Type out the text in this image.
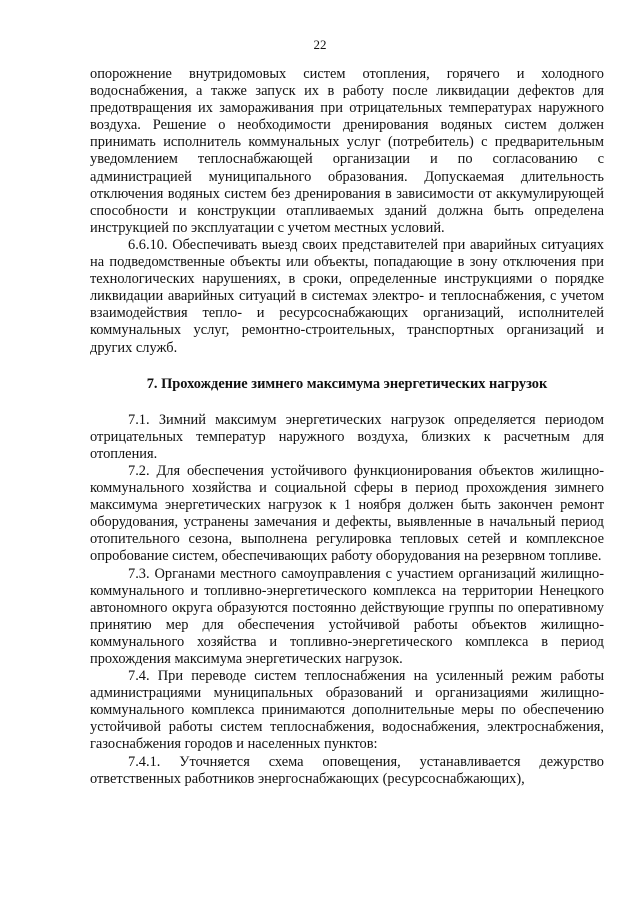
22

опорожнение внутридомовых систем отопления, горячего и холодного водоснабжения, а также запуск их в работу после ликвидации дефектов для предотвращения их замораживания при отрицательных температурах наружного воздуха. Решение о необходимости дренирования водяных систем должен принимать исполнитель коммунальных услуг (потребитель) с предварительным уведомлением теплоснабжающей организации и по согласованию с администрацией муниципального образования. Допускаемая длительность отключения водяных систем без дренирования в зависимости от аккумулирующей способности и конструкции отапливаемых зданий должна быть определена инструкцией по эксплуатации с учетом местных условий.

6.6.10. Обеспечивать выезд своих представителей при аварийных ситуациях на подведомственные объекты или объекты, попадающие в зону отключения при технологических нарушениях, в сроки, определенные инструкциями о порядке ликвидации аварийных ситуаций в системах электро- и теплоснабжения, с учетом взаимодействия тепло- и ресурсоснабжающих организаций, исполнителей коммунальных услуг, ремонтно-строительных, транспортных организаций и других служб.

7. Прохождение зимнего максимума энергетических нагрузок

7.1. Зимний максимум энергетических нагрузок определяется периодом отрицательных температур наружного воздуха, близких к расчетным для отопления.

7.2. Для обеспечения устойчивого функционирования объектов жилищно-коммунального хозяйства и социальной сферы в период прохождения зимнего максимума энергетических нагрузок к 1 ноября должен быть закончен ремонт оборудования, устранены замечания и дефекты, выявленные в начальный период отопительного сезона, выполнена регулировка тепловых сетей и комплексное опробование систем, обеспечивающих работу оборудования на резервном топливе.

7.3. Органами местного самоуправления с участием организаций жилищно-коммунального и топливно-энергетического комплекса на территории Ненецкого автономного округа образуются постоянно действующие группы по оперативному принятию мер для обеспечения устойчивой работы объектов жилищно-коммунального хозяйства и топливно-энергетического комплекса в период прохождения максимума энергетических нагрузок.

7.4. При переводе систем теплоснабжения на усиленный режим работы администрациями муниципальных образований и организациями жилищно-коммунального комплекса принимаются дополнительные меры по обеспечению устойчивой работы систем теплоснабжения, водоснабжения, электроснабжения, газоснабжения городов и населенных пунктов:

7.4.1. Уточняется схема оповещения, устанавливается дежурство ответственных работников энергоснабжающих (ресурсоснабжающих),
